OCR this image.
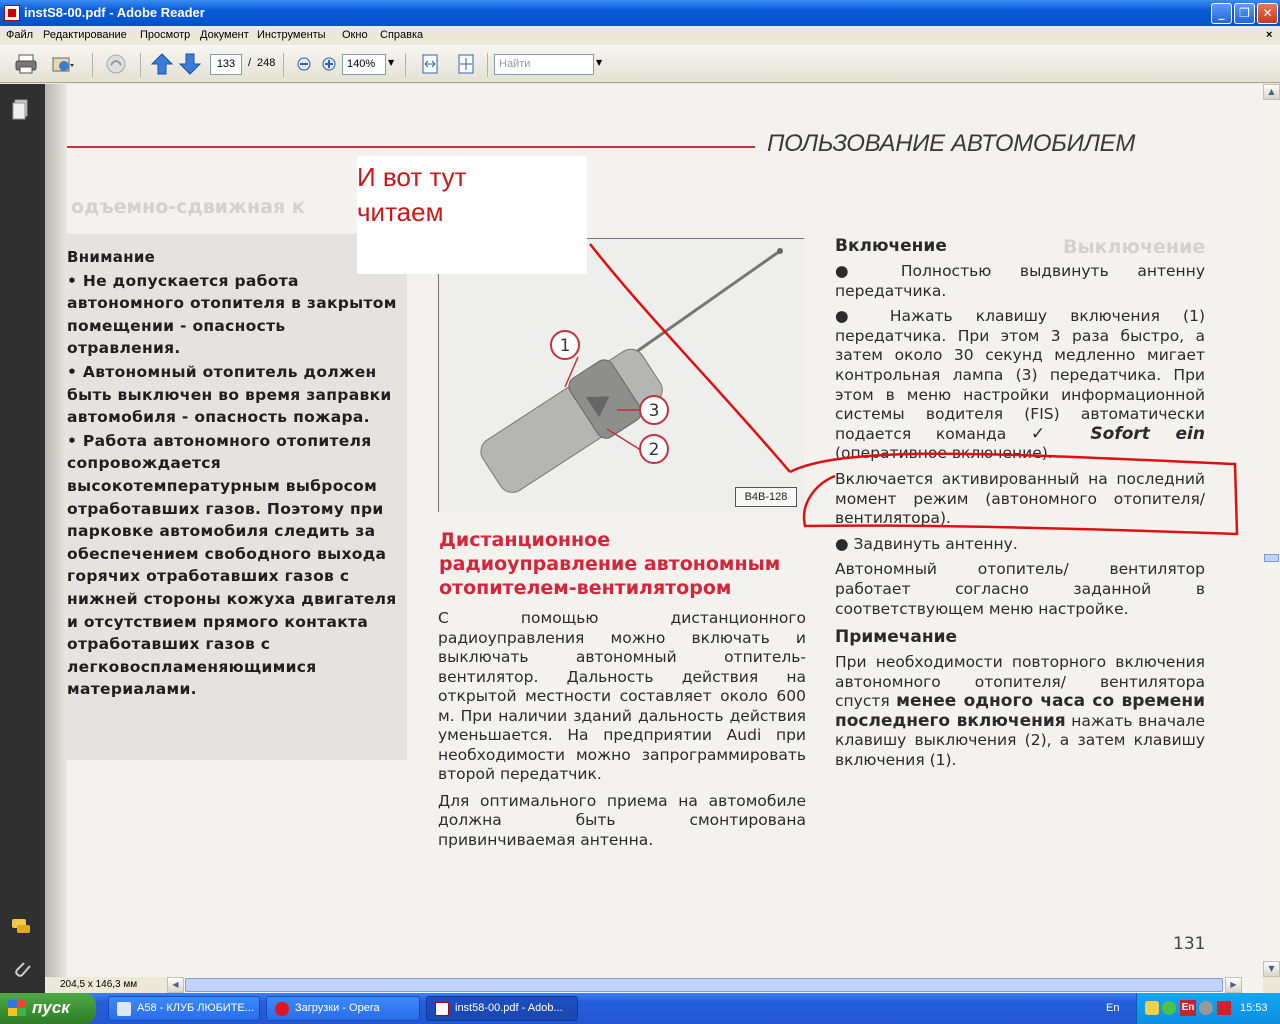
instS8-00.pdf - Adobe Reader	_	❐	✕
Файл Редактирование Просмотр Документ Инструменты Окно Справка	×
133	/ 248	140%	▼	Найти	▼
одъемно-сдвижная к
Выключение
ПОЛЬЗОВАНИЕ АВТОМОБИЛЕМ

Внимание

• Не допускается работа автономного отопителя в закрытом помещении - опасность отравления.

• Автономный отопитель должен быть выключен во время заправки автомобиля - опасность пожара.

• Работа автономного отопителя сопровождается высокотемпературным выбросом отработавших газов. Поэтому при парковке автомобиля следить за обеспечением свободного выхода горячих отработавших газов с нижней стороны кожуха двигателя и отсутствием прямого контакта отработавших газов с легковоспламеняющимися материалами.

1
3
2
B4B-128
Дистанционное радиоуправление автономным отопителем-вентилятором

С помощью дистанционного радиоуправления можно включать и выключать автономный отпитель-вентилятор. Дальность действия на открытой местности составляет около 600 м. При наличии зданий дальность действия уменьшается. На предприятии Audi при необходимости можно запрограммировать второй передатчик.

Для оптимального приема на автомобиле должна быть смонтирована привинчиваемая антенна.

Включение

● Полностью выдвинуть антенну передатчика.

● Нажать клавишу включения (1) передатчика. При этом 3 раза быстро, а затем около 30 секунд медленно мигает контрольная лампа (3) передатчика. При этом в меню настройки информационной системы водителя (FIS) автоматически подается команда ✓ Sofort ein (оперативное включение).

Включается активированный на последний момент режим (автономного отопителя/ вентилятора).

● Задвинуть антенну.

Автономный отопитель/ вентилятор работает согласно заданной в соответствующем меню настройке.

Примечание

При необходимости повторного включения автономного отопителя/ вентилятора спустя менее одного часа со времени последнего включения нажать вначале клавишу выключения (2), а затем клавишу включения (1).

131
И вот тут
читаем
▲
▼
◀	▶
204,5 x 146,3 мм
пуск	A58 - КЛУБ ЛЮБИТЕ...	Загрузки - Opera	inst58-00.pdf - Adob...	En	En	15:53
